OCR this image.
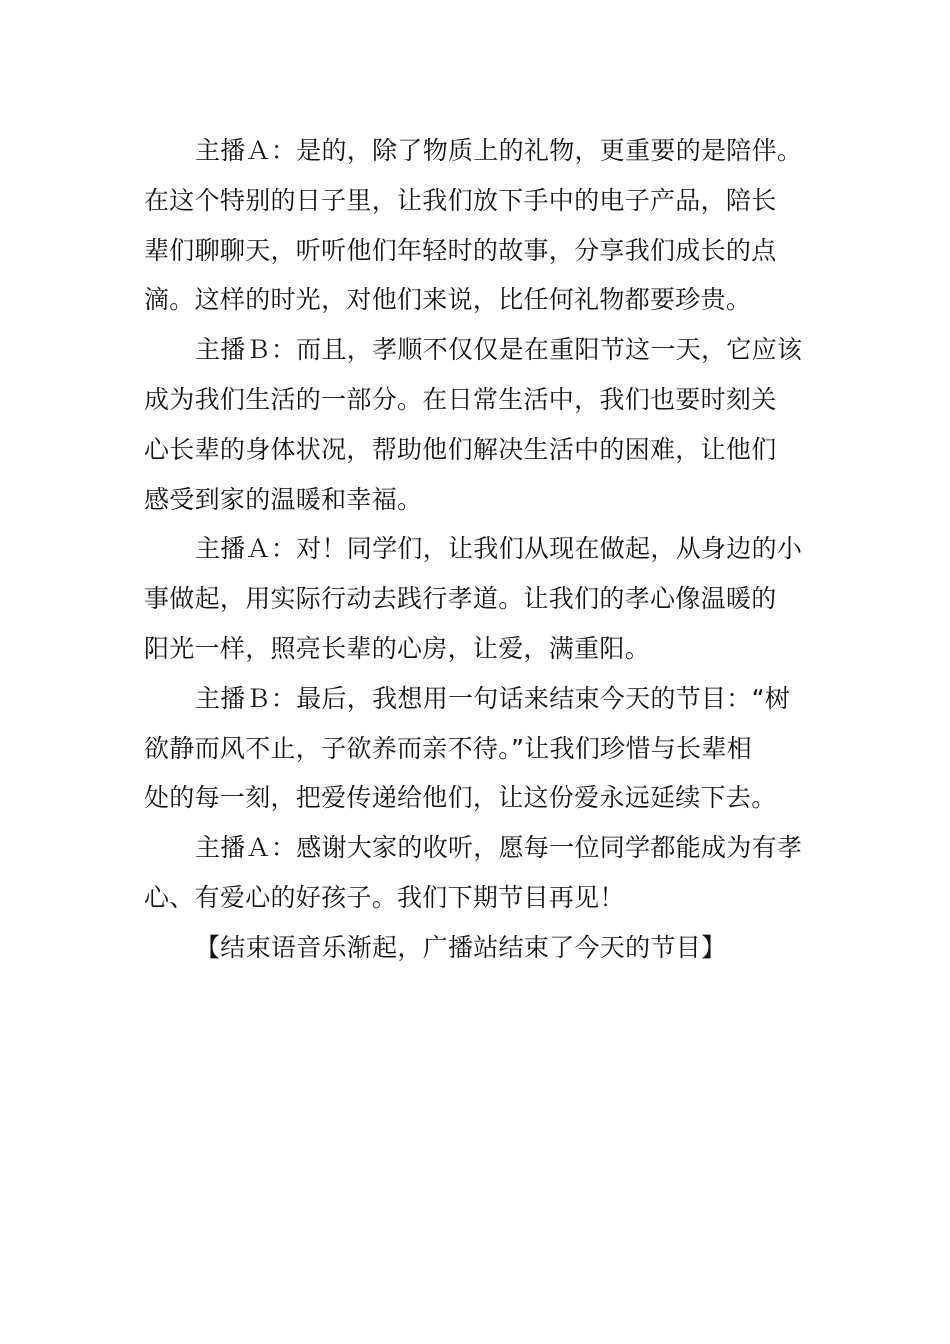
主播Ａ：是的，除了物质上的礼物，更重要的是陪伴。
在这个特别的日子里，让我们放下手中的电子产品，陪长
辈们聊聊天，听听他们年轻时的故事，分享我们成长的点
滴。这样的时光，对他们来说，比任何礼物都要珍贵。
主播Ｂ：而且，孝顺不仅仅是在重阳节这一天，它应该
成为我们生活的一部分。在日常生活中，我们也要时刻关
心长辈的身体状况，帮助他们解决生活中的困难，让他们
感受到家的温暖和幸福。
主播Ａ：对！同学们，让我们从现在做起，从身边的小
事做起，用实际行动去践行孝道。让我们的孝心像温暖的
阳光一样，照亮长辈的心房，让爱，满重阳。
主播Ｂ：最后，我想用一句话来结束今天的节目：“树
欲静而风不止，子欲养而亲不待。”让我们珍惜与长辈相
处的每一刻，把爱传递给他们，让这份爱永远延续下去。
主播Ａ：感谢大家的收听，愿每一位同学都能成为有孝
心、有爱心的好孩子。我们下期节目再见！
【结束语音乐渐起，广播站结束了今天的节目】
